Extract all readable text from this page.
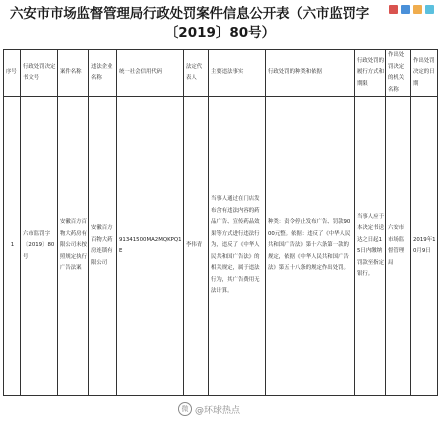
六安市市场监督管理局行政处罚案件信息公开表（六市监罚字
〔2019〕80号）
序号	行政处罚决定书文号	案件名称	违法企业名称	统一社会信用代码	法定代表人	主要违法事实	行政处罚的种类和依据	行政处罚的履行方式和期限	作出处罚决定的机关名称	作出处罚决定的日期
1	六市监罚字〔2019〕80号	安徽百方百物大药房有限公司未按照规定执行广告法案	安徽百方百物大药房连锁有限公司	91341500MA2MQKPQ1E	李伟青	当事人通过在门店发布含有违法内容的药品广告、宣传药品效果等方式进行违法行为，违反了《中华人民共和国广告法》的相关规定，属于违法行为，其广告费用无法计算。	种类：责令停止发布广告、罚款9000元整。依据：违反了《中华人民共和国广告法》第十六条第一款的规定，依据《中华人民共和国广告法》第五十八条的规定作出处罚。	当事人应于本决定书送达之日起15日内缴纳罚款至指定银行。	六安市市场监督管理局	2019年10月9日
微 @环球热点
